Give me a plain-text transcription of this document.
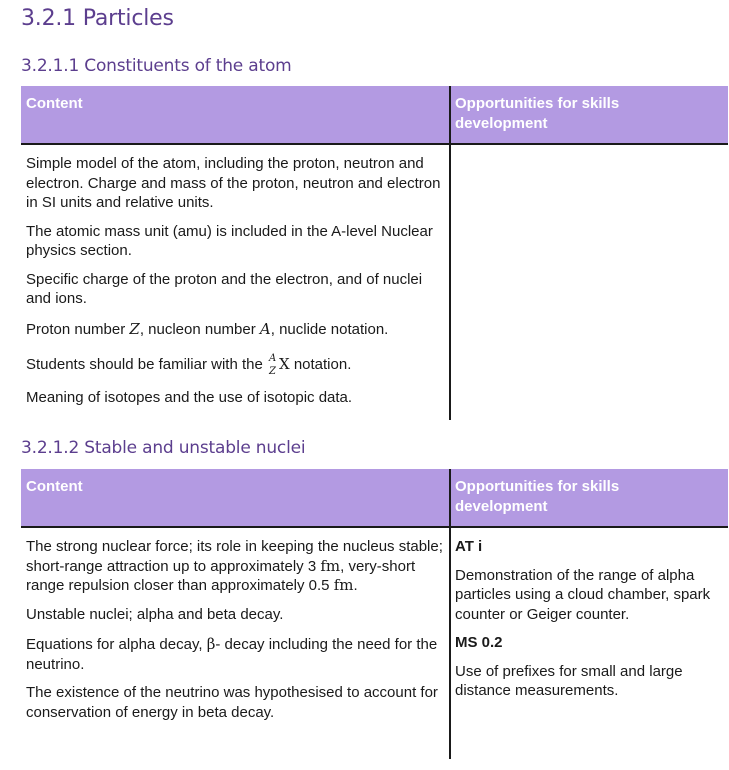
3.2.1 Particles
3.2.1.1 Constituents of the atom
Content	Opportunities for skills development

Simple model of the atom, including the proton, neutron and electron. Charge and mass of the proton, neutron and electron in SI units and relative units.

The atomic mass unit (amu) is included in the A-level Nuclear physics section.

Specific charge of the proton and the electron, and of nuclei and ions.

Proton number Z, nucleon number A, nuclide notation.

Students should be familiar with the A
Z X notation.

Meaning of isotopes and the use of isotopic data.

3.2.1.2 Stable and unstable nuclei
Content	Opportunities for skills development

The strong nuclear force; its role in keeping the nucleus stable; short-range attraction up to approximately 3 fm, very-short range repulsion closer than approximately 0.5 fm.

Unstable nuclei; alpha and beta decay.

Equations for alpha decay, β- decay including the need for the neutrino.

The existence of the neutrino was hypothesised to account for conservation of energy in beta decay.

AT i

Demonstration of the range of alpha particles using a cloud chamber, spark counter or Geiger counter.

MS 0.2

Use of prefixes for small and large distance measurements.
